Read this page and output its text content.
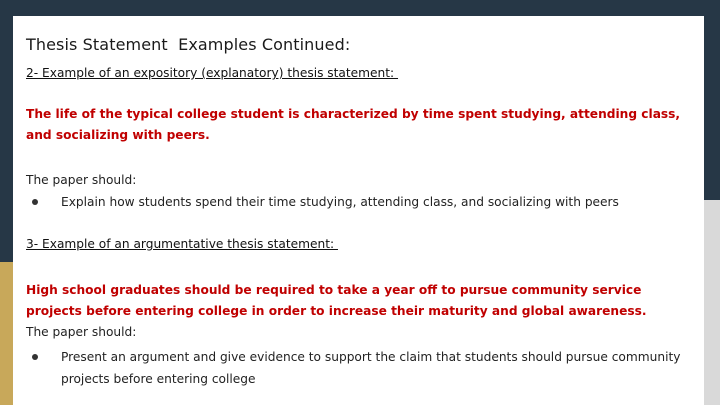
Thesis Statement  Examples Continued:
2- Example of an expository (explanatory) thesis statement:
The life of the typical college student is characterized by time spent studying, attending class, and socializing with peers.
The paper should:
Explain how students spend their time studying, attending class, and socializing with peers
3- Example of an argumentative thesis statement:
High school graduates should be required to take a year off to pursue community service projects before entering college in order to increase their maturity and global awareness.
The paper should:
Present an argument and give evidence to support the claim that students should pursue community projects before entering college
